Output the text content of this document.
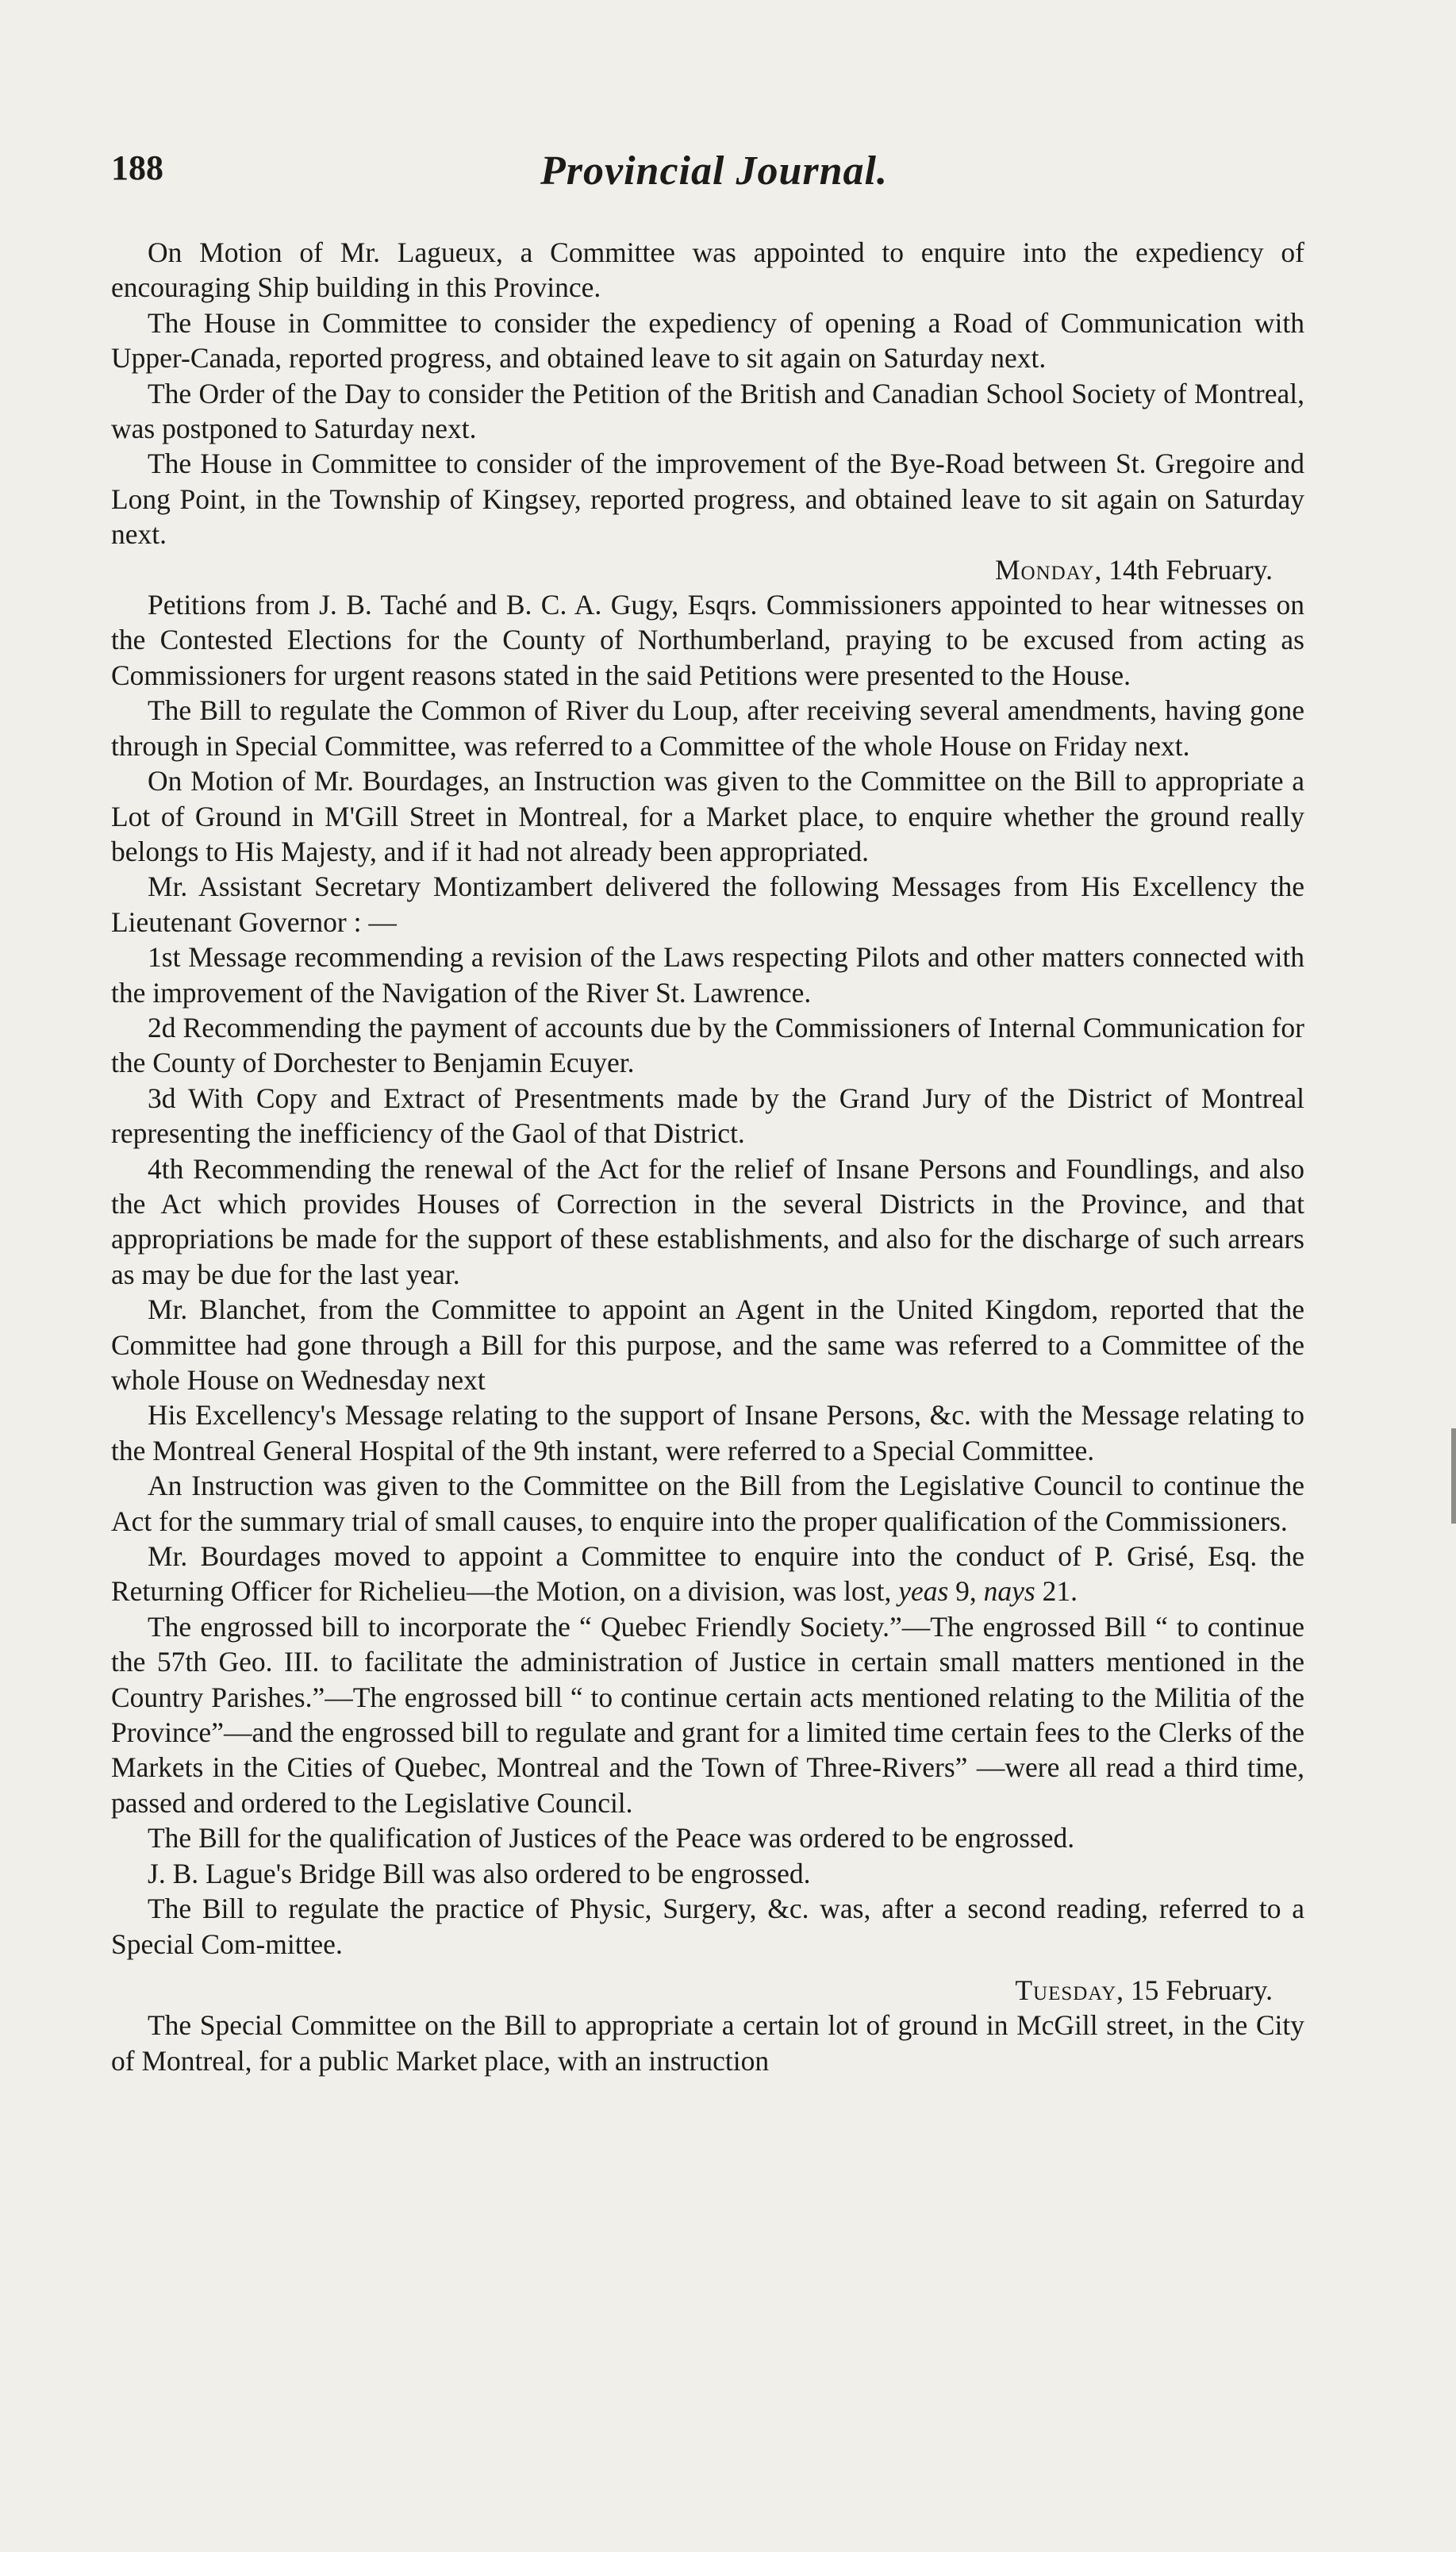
188	Provincial Journal.

On Motion of Mr. Lagueux, a Committee was appointed to enquire into the expediency of encouraging Ship building in this Province.

The House in Committee to consider the expediency of opening a Road of Communication with Upper-Canada, reported progress, and obtained leave to sit again on Saturday next.

The Order of the Day to consider the Petition of the British and Canadian School Society of Montreal, was postponed to Saturday next.

The House in Committee to consider of the improvement of the Bye-Road between St. Gregoire and Long Point, in the Township of Kingsey, reported progress, and obtained leave to sit again on Saturday next.

Monday, 14th February.

Petitions from J. B. Taché and B. C. A. Gugy, Esqrs. Commissioners appointed to hear witnesses on the Contested Elections for the County of Northumberland, praying to be excused from acting as Commissioners for urgent reasons stated in the said Petitions were presented to the House.

The Bill to regulate the Common of River du Loup, after receiving several amendments, having gone through in Special Committee, was referred to a Committee of the whole House on Friday next.

On Motion of Mr. Bourdages, an Instruction was given to the Committee on the Bill to appropriate a Lot of Ground in M'Gill Street in Montreal, for a Market place, to enquire whether the ground really belongs to His Majesty, and if it had not already been appropriated.

Mr. Assistant Secretary Montizambert delivered the following Messages from His Excellency the Lieutenant Governor : —

1st Message recommending a revision of the Laws respecting Pilots and other matters connected with the improvement of the Navigation of the River St. Lawrence.

2d Recommending the payment of accounts due by the Commissioners of Internal Communication for the County of Dorchester to Benjamin Ecuyer.

3d With Copy and Extract of Presentments made by the Grand Jury of the District of Montreal representing the inefficiency of the Gaol of that District.

4th Recommending the renewal of the Act for the relief of Insane Persons and Foundlings, and also the Act which provides Houses of Correction in the several Districts in the Province, and that appropriations be made for the support of these establishments, and also for the discharge of such arrears as may be due for the last year.

Mr. Blanchet, from the Committee to appoint an Agent in the United Kingdom, reported that the Committee had gone through a Bill for this purpose, and the same was referred to a Committee of the whole House on Wednesday next

His Excellency's Message relating to the support of Insane Persons, &c. with the Message relating to the Montreal General Hospital of the 9th instant, were referred to a Special Committee.

An Instruction was given to the Committee on the Bill from the Legislative Council to continue the Act for the summary trial of small causes, to enquire into the proper qualification of the Commissioners.

Mr. Bourdages moved to appoint a Committee to enquire into the conduct of P. Grisé, Esq. the Returning Officer for Richelieu—the Motion, on a division, was lost, yeas 9, nays 21.

The engrossed bill to incorporate the “ Quebec Friendly Society.”—The engrossed Bill “ to continue the 57th Geo. III. to facilitate the administration of Justice in certain small matters mentioned in the Country Parishes.”—The engrossed bill “ to continue certain acts mentioned relating to the Militia of the Province”—and the engrossed bill to regulate and grant for a limited time certain fees to the Clerks of the Markets in the Cities of Quebec, Montreal and the Town of Three-Rivers” —were all read a third time, passed and ordered to the Legislative Council.

The Bill for the qualification of Justices of the Peace was ordered to be engrossed.

J. B. Lague's Bridge Bill was also ordered to be engrossed.

The Bill to regulate the practice of Physic, Surgery, &c. was, after a second reading, referred to a Special Com-mittee.

Tuesday, 15 February.

The Special Committee on the Bill to appropriate a certain lot of ground in McGill street, in the City of Montreal, for a public Market place, with an instruction
